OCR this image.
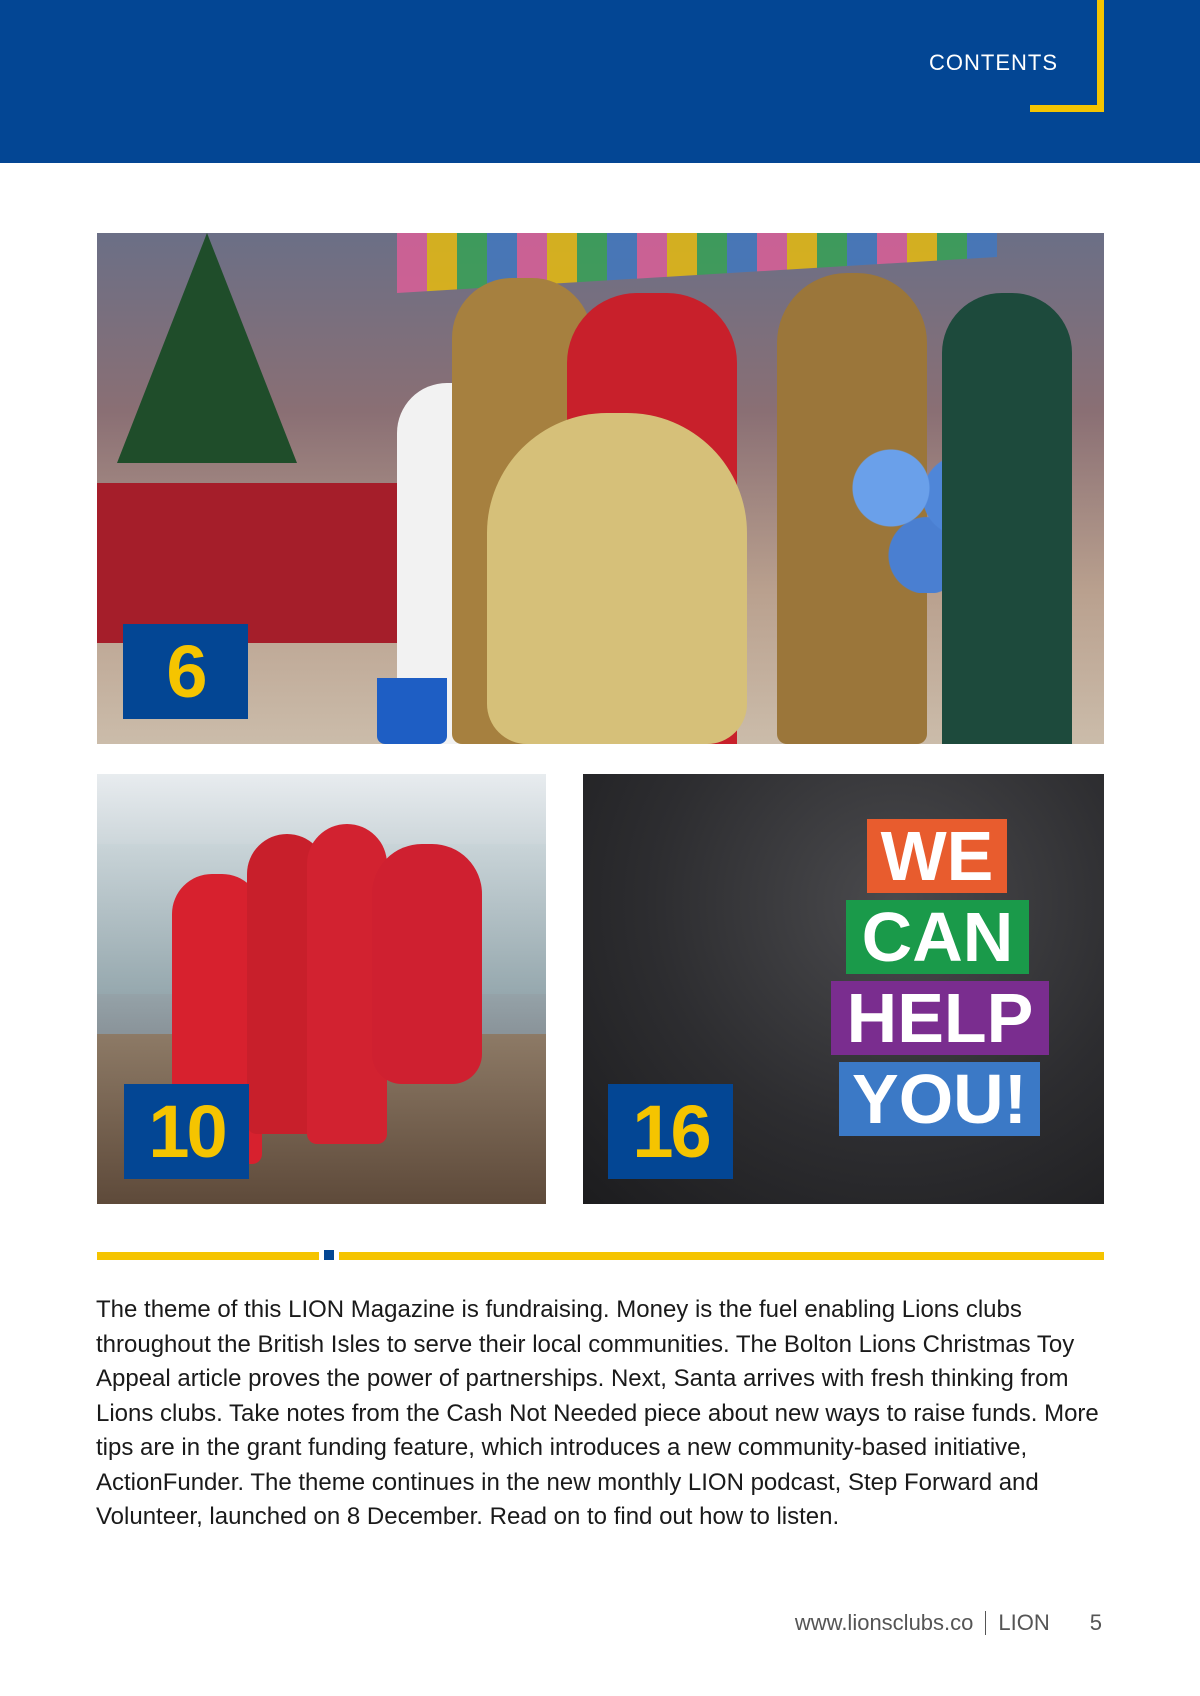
CONTENTS
6
10
WE
CAN
HELP
YOU!
16

The theme of this LION Magazine is fundraising. Money is the fuel enabling Lions clubs throughout the British Isles to serve their local communities. The Bolton Lions Christmas Toy Appeal article proves the power of partnerships. Next, Santa arrives with fresh thinking from Lions clubs. Take notes from the Cash Not Needed piece about new ways to raise funds. More tips are in the grant funding feature, which introduces a new community-based initiative, ActionFunder. The theme continues in the new monthly LION podcast, Step Forward and Volunteer, launched on 8 December. Read on to find out how to listen.

www.lionsclubs.co LION 5
